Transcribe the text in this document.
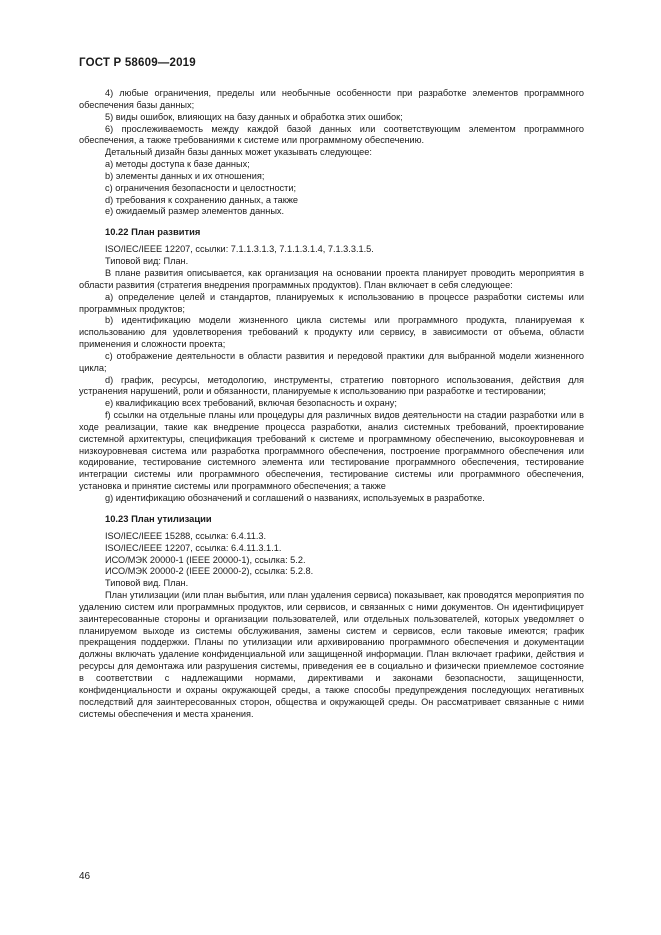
ГОСТ Р 58609—2019

4) любые ограничения, пределы или необычные особенности при разработке элементов программного обеспечения базы данных;

5) виды ошибок, влияющих на базу данных и обработка этих ошибок;

6) прослеживаемость между каждой базой данных или соответствующим элементом программного обеспечения, а также требованиями к системе или программному обеспечению.

Детальный дизайн базы данных может указывать следующее:

a) методы доступа к базе данных;

b) элементы данных и их отношения;

c) ограничения безопасности и целостности;

d) требования к сохранению данных, а также

e) ожидаемый размер элементов данных.

10.22 План развития

ISO/IEC/IEEE 12207, ссылки: 7.1.1.3.1.3, 7.1.1.3.1.4, 7.1.3.3.1.5.

Типовой вид: План.

В плане развития описывается, как организация на основании проекта планирует проводить мероприятия в области развития (стратегия внедрения программных продуктов). План включает в себя следующее:

a) определение целей и стандартов, планируемых к использованию в процессе разработки системы или программных продуктов;

b) идентификацию модели жизненного цикла системы или программного продукта, планируемая к использованию для удовлетворения требований к продукту или сервису, в зависимости от объема, области применения и сложности проекта;

c) отображение деятельности в области развития и передовой практики для выбранной модели жизненного цикла;

d) график, ресурсы, методологию, инструменты, стратегию повторного использования, действия для устранения нарушений, роли и обязанности, планируемые к использованию при разработке и тестировании;

e) квалификацию всех требований, включая безопасность и охрану;

f) ссылки на отдельные планы или процедуры для различных видов деятельности на стадии разработки или в ходе реализации, такие как внедрение процесса разработки, анализ системных требований, проектирование системной архитектуры, спецификация требований к системе и программному обеспечению, высокоуровневая и низкоуровневая система или разработка программного обеспечения, построение программного обеспечения или кодирование, тестирование системного элемента или тестирование программного обеспечения, тестирование интеграции системы или программного обеспечения, тестирование системы или программного обеспечения, установка и принятие системы или программного обеспечения; а также

g) идентификацию обозначений и соглашений о названиях, используемых в разработке.

10.23 План утилизации

ISO/IEC/IEEE 15288, ссылка: 6.4.11.3.

ISO/IEC/IEEE 12207, ссылка: 6.4.11.3.1.1.

ИСО/МЭК 20000-1 (IEEE 20000-1), ссылка: 5.2.

ИСО/МЭК 20000-2 (IEEE 20000-2), ссылка: 5.2.8.

Типовой вид. План.

План утилизации (или план выбытия, или план удаления сервиса) показывает, как проводятся мероприятия по удалению систем или программных продуктов, или сервисов, и связанных с ними документов. Он идентифицирует заинтересованные стороны и организации пользователей, или отдельных пользователей, которых уведомляет о планируемом выходе из системы обслуживания, замены систем и сервисов, если таковые имеются; график прекращения поддержки. Планы по утилизации или архивированию программного обеспечения и документации должны включать удаление конфиденциальной или защищенной информации. План включает графики, действия и ресурсы для демонтажа или разрушения системы, приведения ее в социально и физически приемлемое состояние в соответствии с надлежащими нормами, директивами и законами безопасности, защищенности, конфиденциальности и охраны окружающей среды, а также способы предупреждения последующих негативных последствий для заинтересованных сторон, общества и окружающей среды. Он рассматривает связанные с ними системы обеспечения и места хранения.

46
